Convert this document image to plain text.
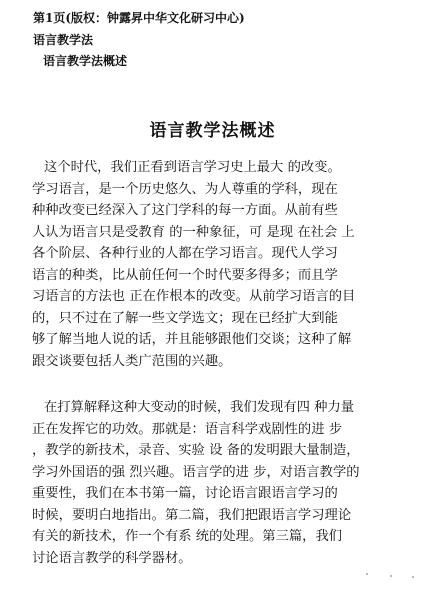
第1页(版权：钟露昇中华文化研习中心)
语言教学法
语言教学法概述
语言教学法概述
这个时代，我们正看到语言学习史上最大 的改变。
学习语言，是一个历史悠久、为人尊重的学科，现在
种种改变已经深入了这门学科的每一方面。从前有些
人认为语言只是受教育 的一种象征，可 是现 在社会 上
各个阶层、各种行业的人都在学习语言。现代人学习
语言的种类，比从前任何一个时代要多得多；而且学
习语言的方法也 正在作根本的改变。从前学习语言的目
的，只不过在了解一些文学选文；现在已经扩大到能
够了解当地人说的话，并且能够跟他们交谈；这种了解
跟交谈要包括人类广范围的兴趣。
在打算解释这种大变动的时候，我们发现有四 种力量
正在发挥它的功效。那就是：语言科学戏剧性的进 步
，教学的新技术，录音、实验 设 备的发明跟大量制造，
学习外国语的强 烈兴趣。语言学的进 步，对语言教学的
重要性，我们在本书第一篇，讨论语言跟语言学习的
时候，要明白地指出。第二篇，我们把跟语言学习理论
有关的新技术，作一个有系 统的处理。第三篇，我们
讨论语言教学的科学器材。
